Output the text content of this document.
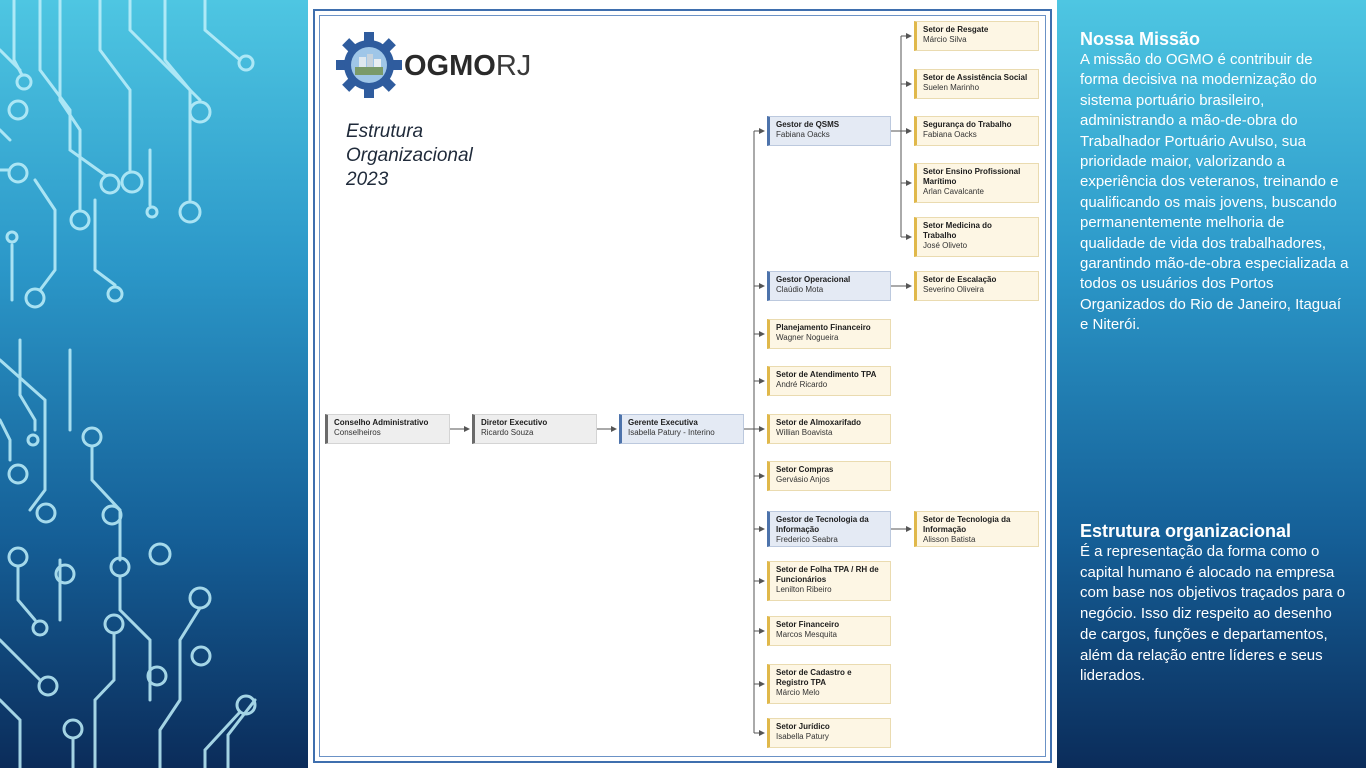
OGMORJ
Estrutura
Organizacional
2023
Conselho Administrativo
Conselheiros
Diretor Executivo
Ricardo Souza
Gerente Executiva
Isabella Patury - Interino
Gestor de QSMS
Fabiana Oacks
Gestor Operacional
Claúdio Mota
Planejamento Financeiro
Wagner Nogueira
Setor de Atendimento TPA
André Ricardo
Setor de Almoxarifado
Willian Boavista
Setor Compras
Gervásio Anjos
Gestor de Tecnologia da
Informação
Frederico Seabra
Setor de Folha TPA / RH de
Funcionários
Lenilton Ribeiro
Setor Financeiro
Marcos Mesquita
Setor de Cadastro e
Registro TPA
Márcio Melo
Setor Jurídico
Isabella Patury
Setor de Resgate
Márcio Silva
Setor de Assistência Social
Suelen Marinho
Segurança do Trabalho
Fabiana Oacks
Setor Ensino Profissional
Marítimo
Arlan Cavalcante
Setor Medicina do
Trabalho
José Oliveto
Setor de Escalação
Severino Oliveira
Setor de Tecnologia da
Informação
Alisson Batista
Nossa Missão

A missão do OGMO é contribuir de forma decisiva na modernização do sistema portuário brasileiro, administrando a mão-de-obra do Trabalhador Portuário Avulso, sua prioridade maior, valorizando a experiência dos veteranos, treinando e qualificando os mais jovens, buscando permanentemente melhoria de qualidade de vida dos trabalhadores, garantindo mão-de-obra especializada a todos os usuários dos Portos Organizados do Rio de Janeiro, Itaguaí e Niterói.

Estrutura organizacional

É a representação da forma como o capital humano é alocado na empresa com base nos objetivos traçados para o negócio. Isso diz respeito ao desenho de cargos, funções e departamentos, além da relação entre líderes e seus liderados.
